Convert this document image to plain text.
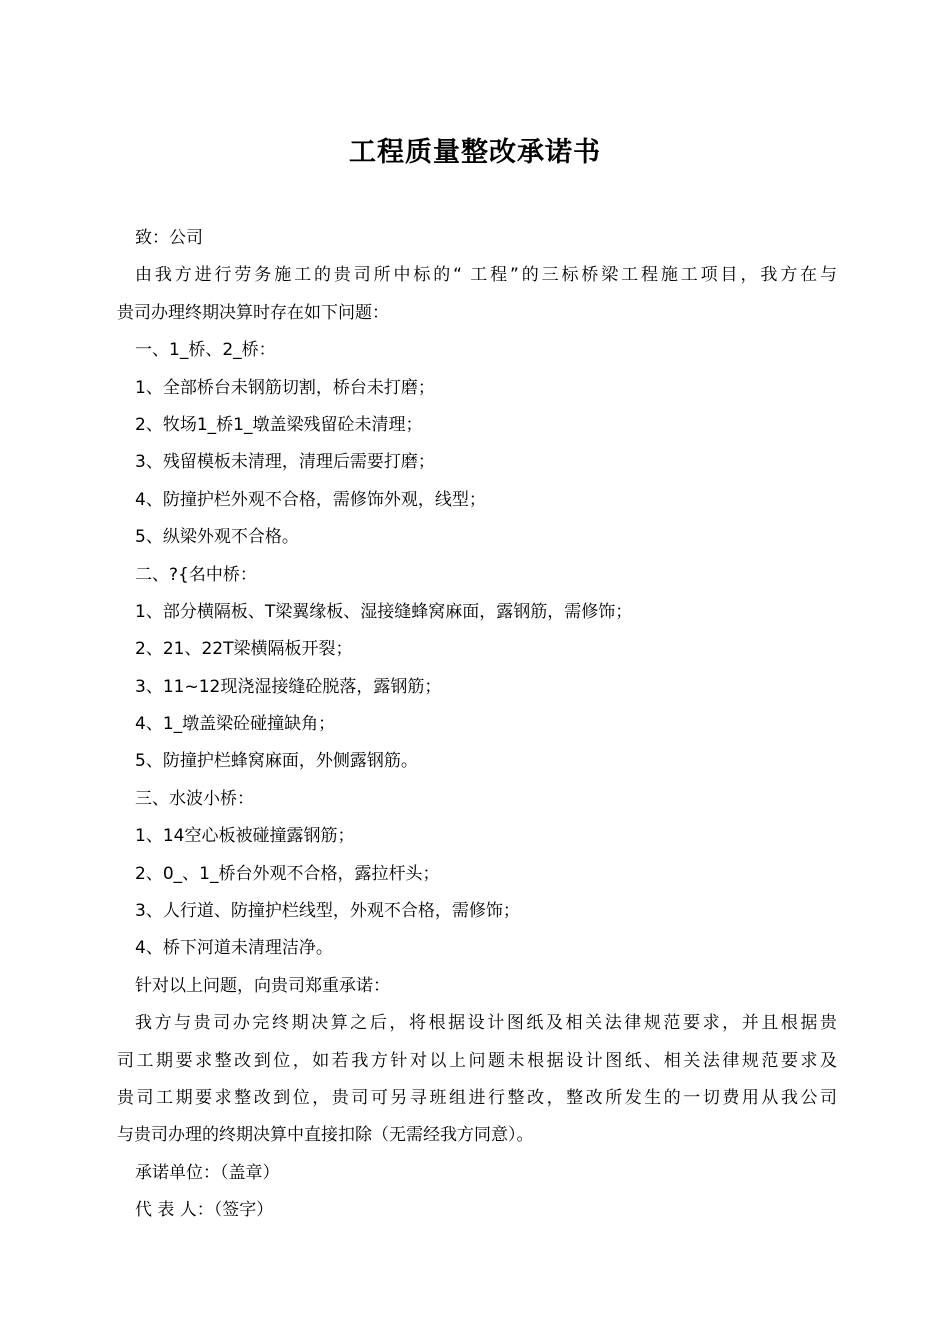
工程质量整改承诺书
致：公司
由我方进行劳务施工的贵司所中标的“ 工程”的三标桥梁工程施工项目，我方在与
贵司办理终期决算时存在如下问题：
一、1_桥、2_桥：
1、全部桥台未钢筋切割，桥台未打磨；
2、牧场1_桥1_墩盖梁残留砼未清理；
3、残留模板未清理，清理后需要打磨；
4、防撞护栏外观不合格，需修饰外观，线型；
5、纵梁外观不合格。
二、?{名中桥：
1、部分横隔板、T梁翼缘板、湿接缝蜂窝麻面，露钢筋，需修饰；
2、21、22T梁横隔板开裂；
3、11~12现浇湿接缝砼脱落，露钢筋；
4、1_墩盖梁砼碰撞缺角；
5、防撞护栏蜂窝麻面，外侧露钢筋。
三、水波小桥：
1、14空心板被碰撞露钢筋；
2、0_、1_桥台外观不合格，露拉杆头；
3、人行道、防撞护栏线型，外观不合格，需修饰；
4、桥下河道未清理洁净。
针对以上问题，向贵司郑重承诺：
我方与贵司办完终期决算之后，将根据设计图纸及相关法律规范要求，并且根据贵
司工期要求整改到位，如若我方针对以上问题未根据设计图纸、相关法律规范要求及
贵司工期要求整改到位，贵司可另寻班组进行整改，整改所发生的一切费用从我公司
与贵司办理的终期决算中直接扣除（无需经我方同意）。
承诺单位：（盖章）
代 表 人：（签字）
